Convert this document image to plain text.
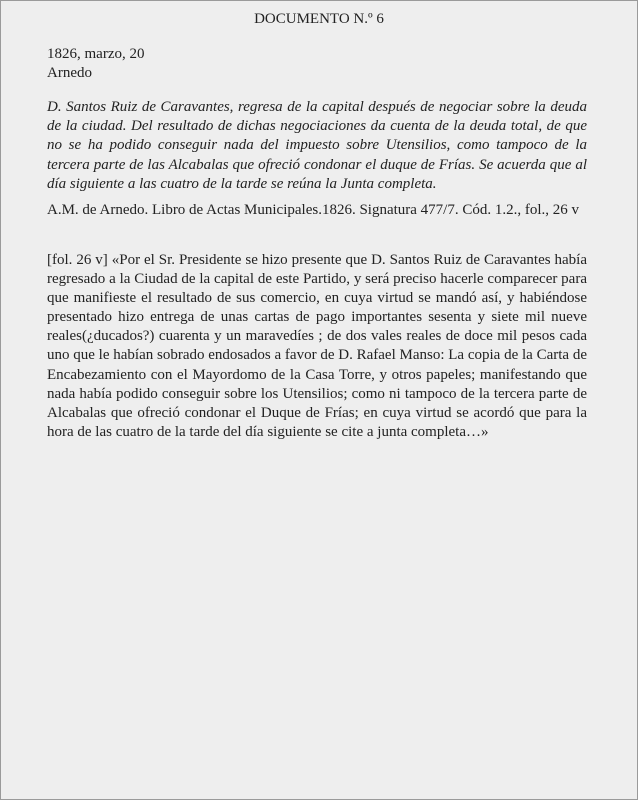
DOCUMENTO N.º 6
1826, marzo, 20
Arnedo

D. Santos Ruiz de Caravantes, regresa de la capital después de negociar sobre la deuda de la ciudad. Del resultado de dichas negociaciones da cuenta de la deuda total, de que no se ha podido conseguir nada del impuesto sobre Utensilios, como tampoco de la tercera parte de las Alcabalas que ofreció condonar el duque de Frías. Se acuerda que al día siguiente a las cuatro de la tarde se reúna la Junta completa.

A.M. de Arnedo. Libro de Actas Municipales.1826. Signatura 477/7. Cód. 1.2., fol., 26 v

[fol. 26 v] «Por el Sr. Presidente se hizo presente que D. Santos Ruiz de Caravantes había regresado a la Ciudad de la capital de este Partido, y será preciso hacerle comparecer para que manifieste el resultado de sus comercio, en cuya virtud se mandó así, y habiéndose presentado hizo entrega de unas cartas de pago importantes sesenta y siete mil nueve reales(¿ducados?) cuarenta y un maravedíes ; de dos vales reales de doce mil pesos cada uno que le habían sobrado endosados a favor de D. Rafael Manso: La copia de la Carta de Encabezamiento con el Mayordomo de la Casa Torre, y otros papeles; manifestando que nada había podido conseguir sobre los Utensilios; como ni tampoco de la tercera parte de Alcabalas que ofreció condonar el Duque de Frías; en cuya virtud se acordó que para la hora de las cuatro de la tarde del día siguiente se cite a junta completa…»
